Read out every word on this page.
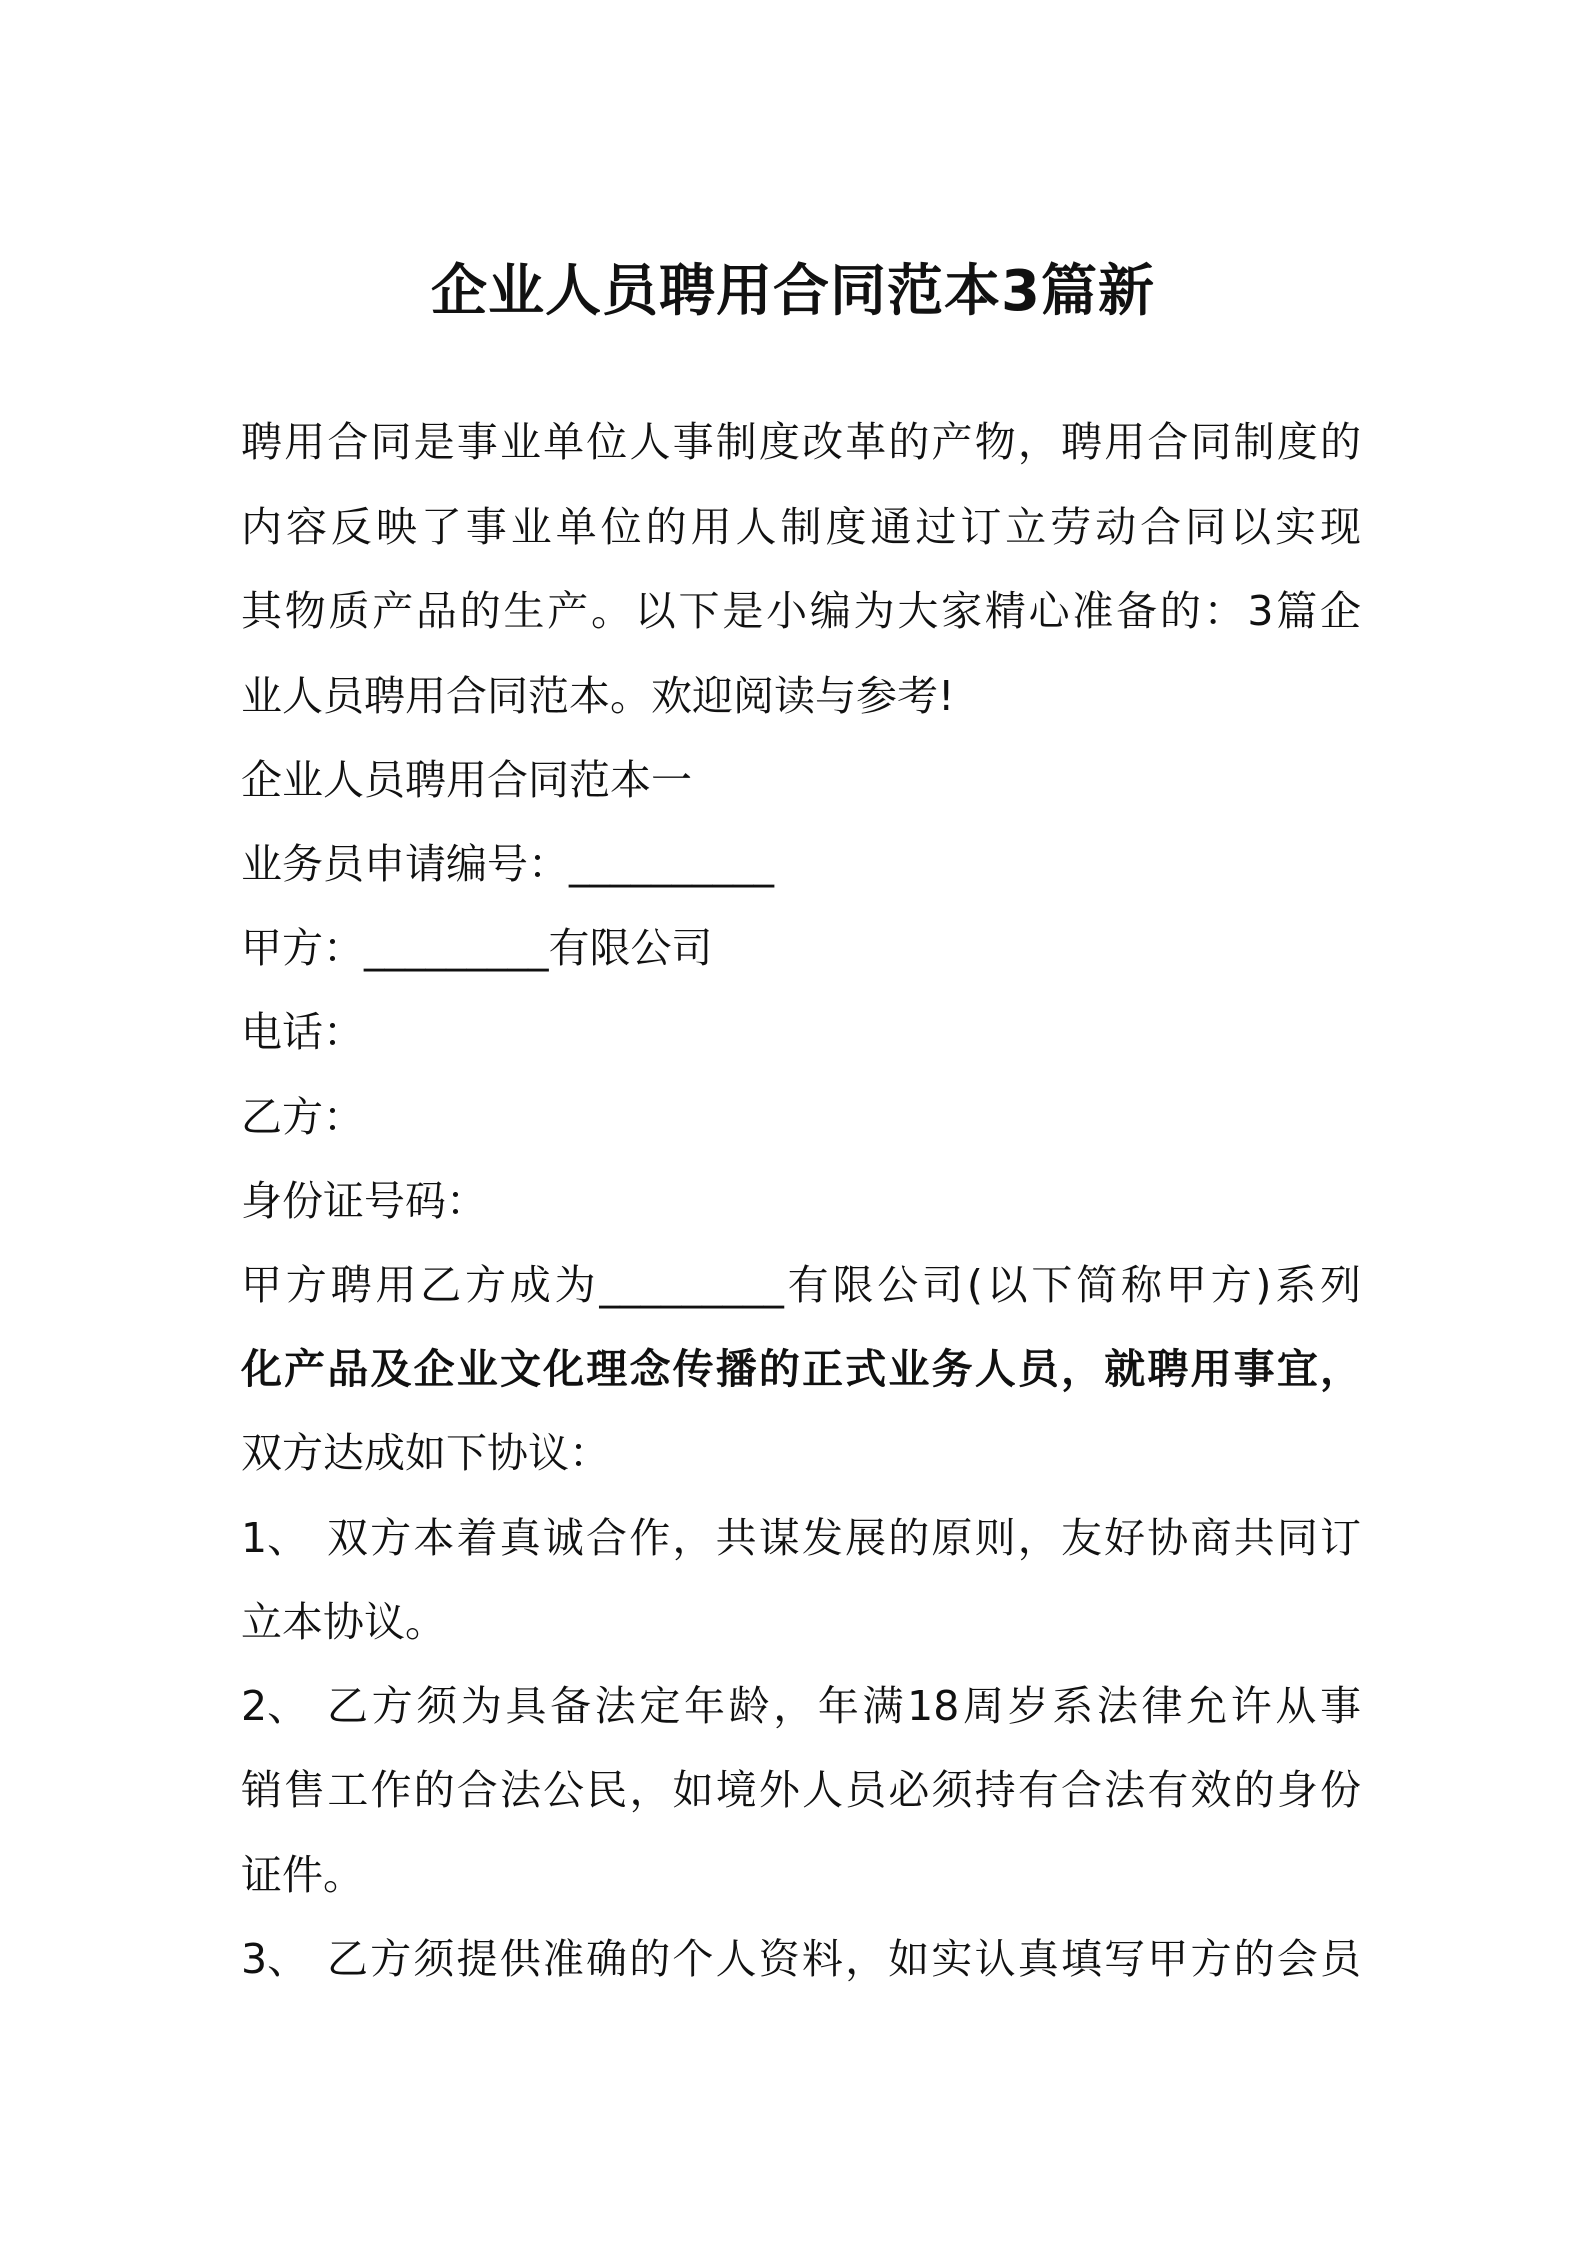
企业人员聘用合同范本3篇新

聘用合同是事业单位人事制度改革的产物，聘用合同制度的

内容反映了事业单位的用人制度通过订立劳动合同以实现

其物质产品的生产。以下是小编为大家精心准备的：3篇企

业人员聘用合同范本。欢迎阅读与参考!

企业人员聘用合同范本一

业务员申请编号：__________

甲方：_________有限公司

电话：

乙方：

身份证号码：

甲方聘用乙方成为_________有限公司(以下简称甲方)系列

化产品及企业文化理念传播的正式业务人员，就聘用事宜，

双方达成如下协议：

1、 双方本着真诚合作，共谋发展的原则，友好协商共同订

立本协议。

2、 乙方须为具备法定年龄，年满18周岁系法律允许从事

销售工作的合法公民，如境外人员必须持有合法有效的身份

证件。

3、 乙方须提供准确的个人资料，如实认真填写甲方的会员
